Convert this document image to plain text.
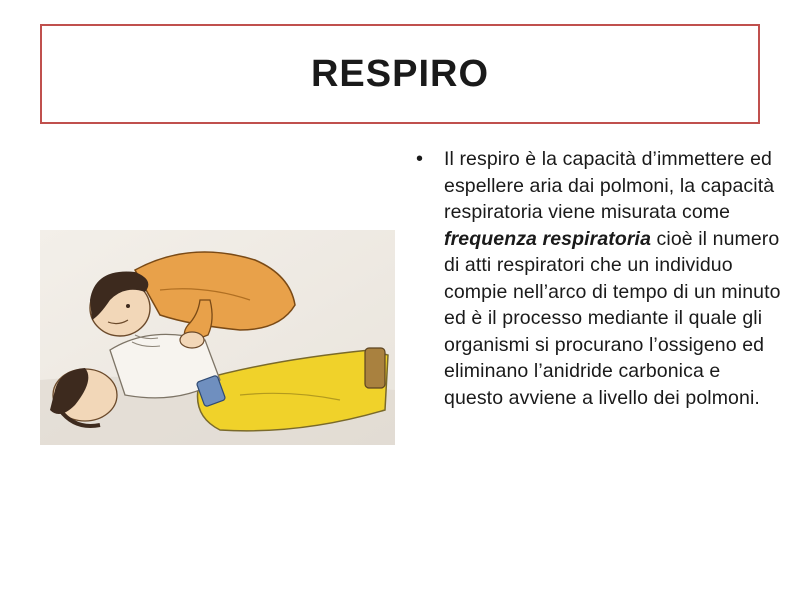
RESPIRO
•	Il respiro è la capacità d’immettere ed espellere aria dai polmoni, la capacità respiratoria viene misurata come frequenza respiratoria cioè il numero di atti respiratori che un individuo compie nell’arco di tempo di un minuto ed è il processo mediante il quale gli organismi si procurano l’ossigeno ed eliminano l’anidride carbonica e questo avviene a livello dei polmoni.
